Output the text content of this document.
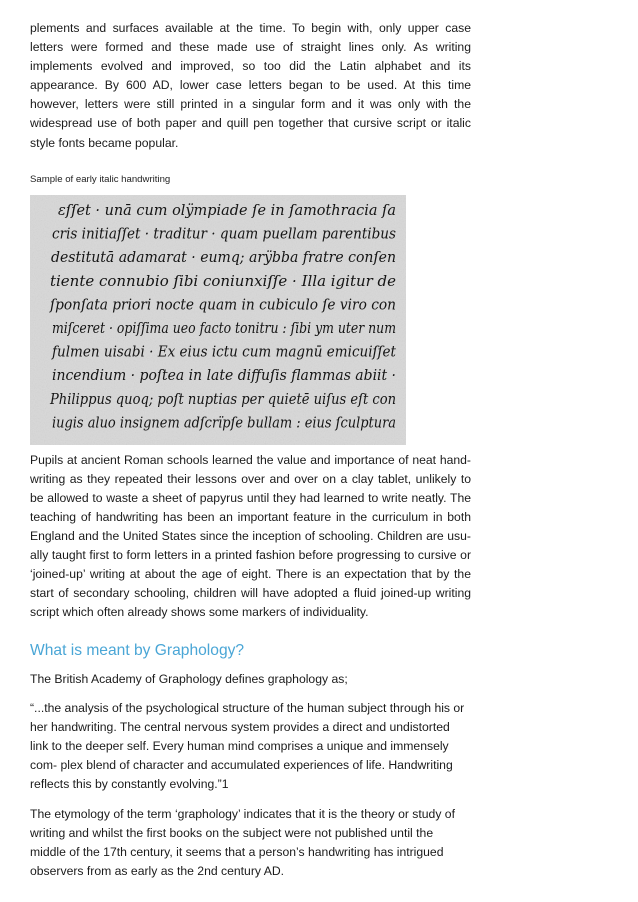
plements and surfaces available at the time. To begin with, only upper case letters were formed and these made use of straight lines only. As writing implements evolved and improved, so too did the Latin alphabet and its appearance. By 600 AD, lower case letters began to be used. At this time however, letters were still printed in a singular form and it was only with the widespread use of both paper and quill pen together that cursive script or italic style fonts became popular.

Sample of early italic handwriting

ɛſſet · unā cum olÿmpiade ſe in ſamothracia ſa
cris initiaſſet · traditur · quam puellam parentibus
destitutā adamarat · eumq; arÿbba fratre conſen
tiente connubio ſibi coniunxiſſe · Illa igitur de
ſponſata priori nocte quam in cubiculo ſe viro con
miſceret · opiſſima ueo facto tonitru : ſibi ym uter num
fulmen uisabi · Ex eius ictu cum magnū emicuiſſet
incendium · poſtea in late diffuſis flammas abiit ·
Philippus quoq; poſt nuptias per quietē uiſus eſt con
iugis aluo insignem adſcrïpſe bullam : eius ſculptura

Pupils at ancient Roman schools learned the value and importance of neat hand- writing as they repeated their lessons over and over on a clay tablet, unlikely to be allowed to waste a sheet of papyrus until they had learned to write neatly. The teaching of handwriting has been an important feature in the curriculum in both England and the United States since the inception of schooling. Children are usu- ally taught first to form letters in a printed fashion before progressing to cursive or ‘joined-up’ writing at about the age of eight. There is an expectation that by the start of secondary schooling, children will have adopted a fluid joined-up writing script which often already shows some markers of individuality.

What is meant by Graphology?

The British Academy of Graphology defines graphology as;

“...the analysis of the psychological structure of the human subject through his or her handwriting. The central nervous system provides a direct and undistorted link to the deeper self. Every human mind comprises a unique and immensely com- plex blend of character and accumulated experiences of life. Handwriting reflects this by constantly evolving.”1

The etymology of the term ‘graphology’ indicates that it is the theory or study of writing and whilst the first books on the subject were not published until the middle of the 17th century, it seems that a person’s handwriting has intrigued observers from as early as the 2nd century AD.
